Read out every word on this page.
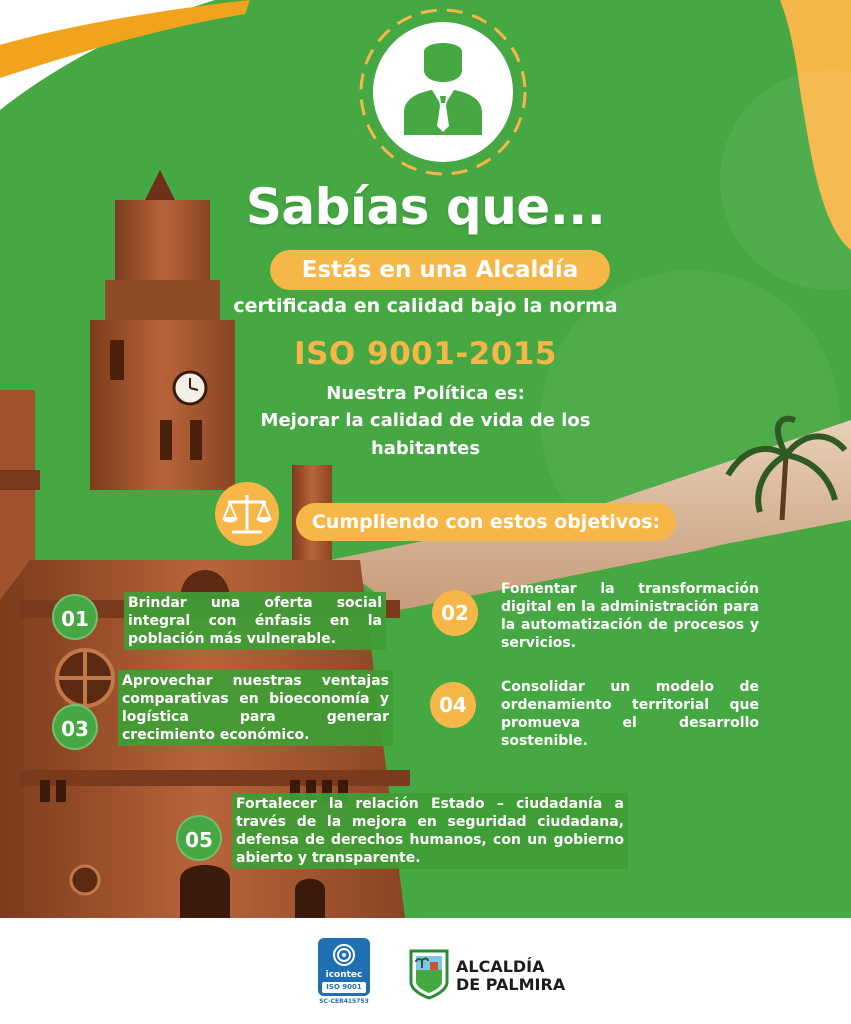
Sabías que...
Estás en una Alcaldía
certificada en calidad bajo la norma
ISO 9001-2015
Nuestra Política es:
Mejorar la calidad de vida de los
habitantes
Cumpliendo con estos objetivos:
01
Brindar una oferta social integral con énfasis en la población más vulnerable.
02
Fomentar la transformación digital en la administración para la automatización de procesos y servicios.
03
Aprovechar nuestras ventajas comparativas en bioeconomía y logística para generar crecimiento económico.
04
Consolidar un modelo de ordenamiento territorial que promueva el desarrollo sostenible.
05
Fortalecer la relación Estado – ciudadanía a través de la mejora en seguridad ciudadana, defensa de derechos humanos, con un gobierno abierto y transparente.
icontec
ISO 9001
SC-CER415753
ALCALDÍA
DE PALMIRA
